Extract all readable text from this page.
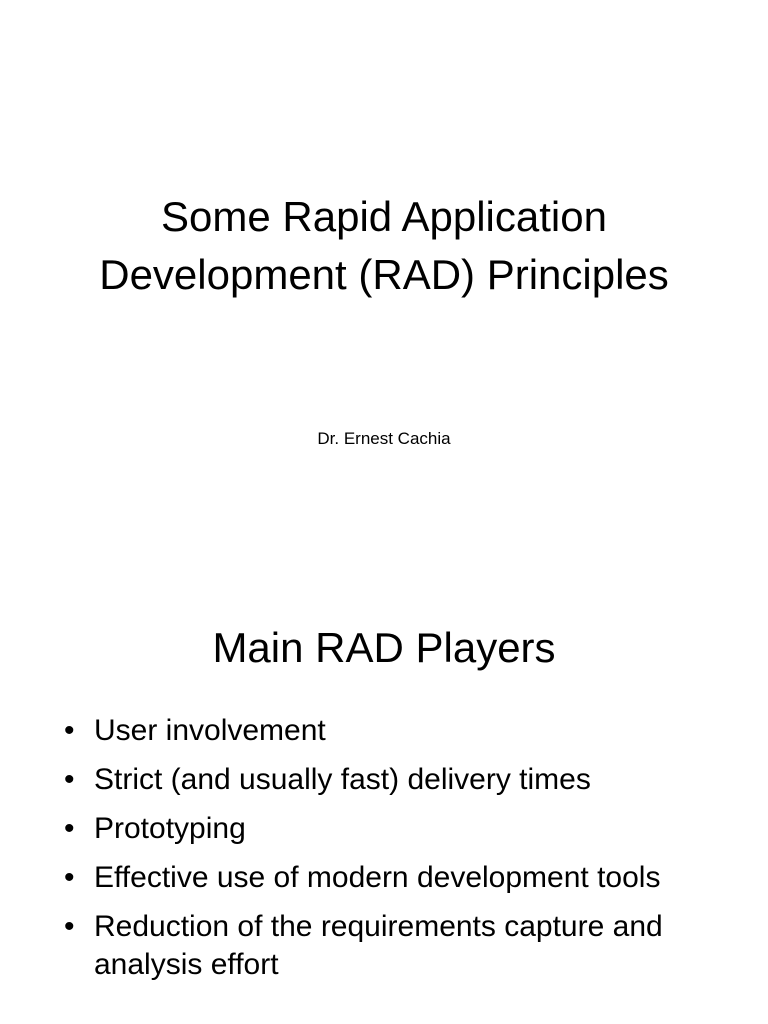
Some Rapid Application
Development (RAD) Principles
Dr. Ernest Cachia
Main RAD Players
• User involvement
• Strict (and usually fast) delivery times
• Prototyping
• Effective use of modern development tools
• Reduction of the requirements capture and analysis effort
